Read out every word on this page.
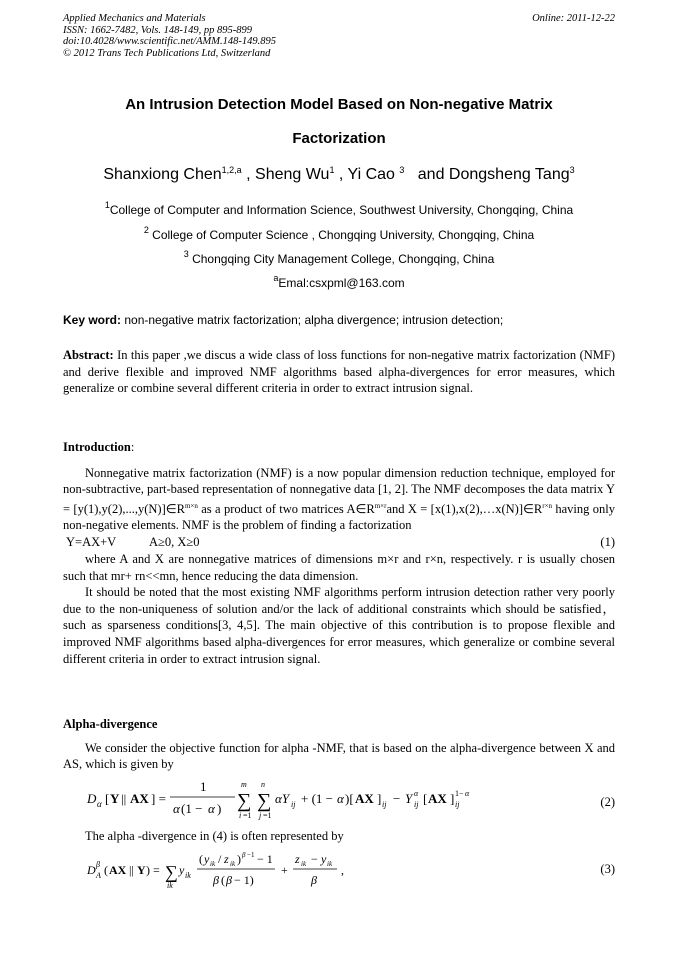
Applied Mechanics and Materials
ISSN: 1662-7482, Vols. 148-149, pp 895-899
doi:10.4028/www.scientific.net/AMM.148-149.895
© 2012 Trans Tech Publications Ltd, Switzerland
Online: 2011-12-22
An Intrusion Detection Model Based on Non-negative Matrix
Factorization
Shanxiong Chen$^{1,2,a}$ , Sheng Wu$^1$ , Yi Cao $^3$ and Dongsheng Tang$^3$
$^1$College of Computer and Information Science, Southwest University, Chongqing, China
$^2$ College of Computer Science , Chongqing University, Chongqing, China
$^3$ Chongqing City Management College, Chongqing, China
$^a$Emal:csxpml@163.com
Key word: non-negative matrix factorization; alpha divergence; intrusion detection;

Abstract: In this paper ,we discus a wide class of loss functions for non-negative matrix factorization (NMF) and derive flexible and improved NMF algorithms based alpha-divergences for error measures, which generalize or combine several different criteria in order to extract intrusion signal.

Introduction:

Nonnegative matrix factorization (NMF) is a now popular dimension reduction technique, employed for non-subtractive, part-based representation of nonnegative data [1, 2]. The NMF decomposes the data matrix $Y = [y(1),y(2),...,y(N)]\in R^{m\times n}$ as a product of two matrices $A\in R^{m\times r}and$ $X = [x(1),x(2),\dots x(N)]\in R^{r\times n}$ having only non-negative elements. NMF is the problem of finding a factorization

Y=AX+V	A≥0, X≥0	(1)

where A and X are nonnegative matrices of dimensions m×r and r×n, respectively. r is usually chosen such that mr+ rn<<mn, hence reducing the data dimension.

It should be noted that the most existing NMF algorithms perform intrusion detection rather very poorly due to the non-uniqueness of solution and/or the lack of additional constraints which should be satisfied，such as sparseness conditions[3, 4,5]. The main objective of this contribution is to propose flexible and improved NMF algorithms based alpha-divergences for error measures, which generalize or combine several different criteria in order to extract intrusion signal.

Alpha-divergence

We consider the objective function for alpha -NMF, that is based on the alpha-divergence between X and AS, which is given by

D α [ Y || AX ] =
1
α (1 − α )
m
∑
i =1
n
∑
j =1
αY ij + (1 − α )[ AX ] ij − Y ij
α [ AX ] ij
1− α
(2)

The alpha -divergence in (4) is often represented by

D β
A ( AX || Y ) = ∑
ik
y ik
( y ik / z ik ) β −1 − 1
β ( β − 1)
+
z ik − y ik
β
,	(3)
